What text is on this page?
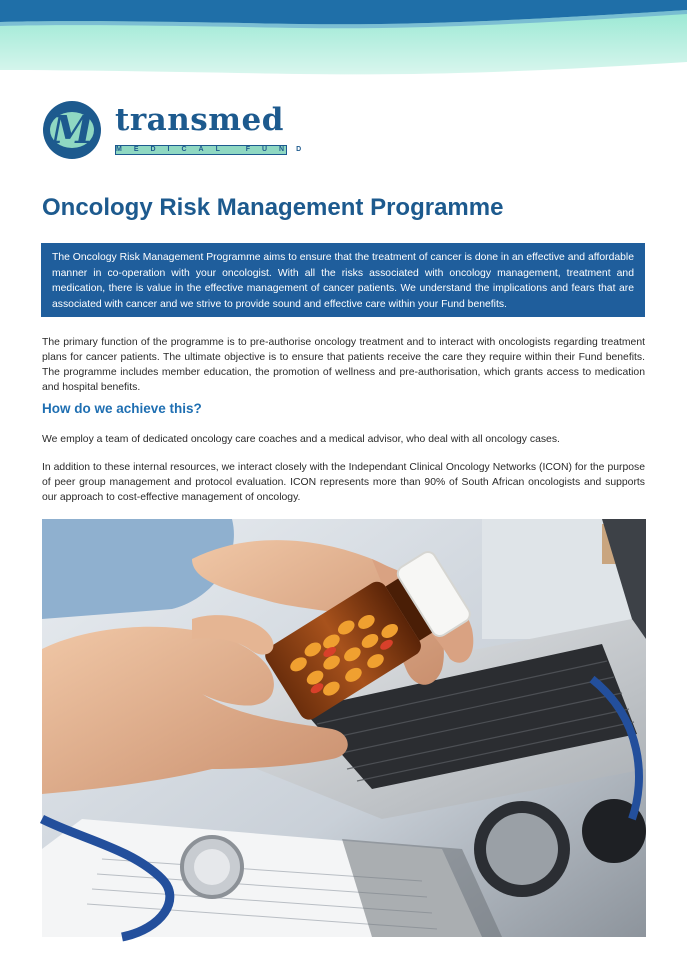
M transmed
MEDICAL FUND
Oncology Risk Management Programme
The Oncology Risk Management Programme aims to ensure that the treatment of cancer is done in an effective and affordable manner in co-operation with your oncologist. With all the risks associated with oncology management, treatment and medication, there is value in the effective management of cancer patients. We understand the implications and fears that are associated with cancer and we strive to provide sound and effective care within your Fund benefits.

The primary function of the programme is to pre-authorise oncology treatment and to interact with oncologists regarding treatment plans for cancer patients. The ultimate objective is to ensure that patients receive the care they require within their Fund benefits. The programme includes member education, the promotion of wellness and pre-authorisation, which grants access to medication and hospital benefits.

How do we achieve this?

We employ a team of dedicated oncology care coaches and a medical advisor, who deal with all oncology cases.

In addition to these internal resources, we interact closely with the Independant Clinical Oncology Networks (ICON) for the purpose of peer group management and protocol evaluation. ICON represents more than 90% of South African oncologists and supports our approach to cost-effective management of oncology.
